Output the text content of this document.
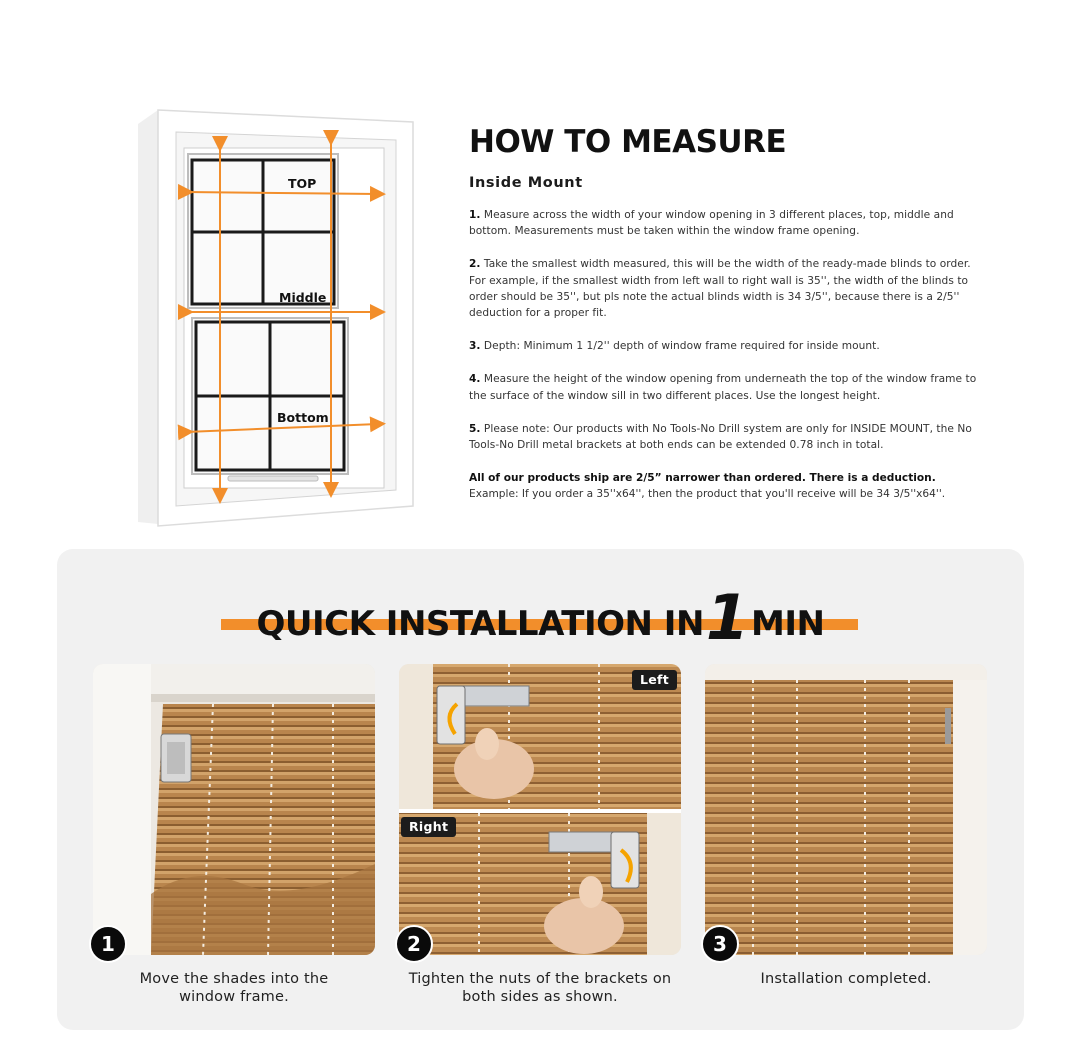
TOP
Middle
Bottom
HOW TO MEASURE
Inside Mount

1. Measure across the width of your window opening in 3 different places, top, middle and bottom. Measurements must be taken within the window frame opening.

2. Take the smallest width measured, this will be the width of the ready-made blinds to order. For example, if the smallest width from left wall to right wall is 35'', the width of the blinds to order should be 35'', but pls note the actual blinds width is 34 3/5'', because there is a 2/5'' deduction for a proper fit.

3. Depth: Minimum 1 1/2'' depth of window frame required for inside mount.

4. Measure the height of the window opening from underneath the top of the window frame to the surface of the window sill in two different places. Use the longest height.

5. Please note: Our products with No Tools-No Drill system are only for INSIDE MOUNT, the No Tools-No Drill metal brackets at both ends can be extended 0.78 inch in total.

All of our products ship are 2/5” narrower than ordered. There is a deduction.
Example: If you order a 35''x64'', then the product that you'll receive will be 34 3/5''x64''.

QUICK INSTALLATION IN1 MIN
1
Move the shades into the
window frame.
Left
Right
2
Tighten the nuts of the brackets on
both sides as shown.
3
Installation completed.
